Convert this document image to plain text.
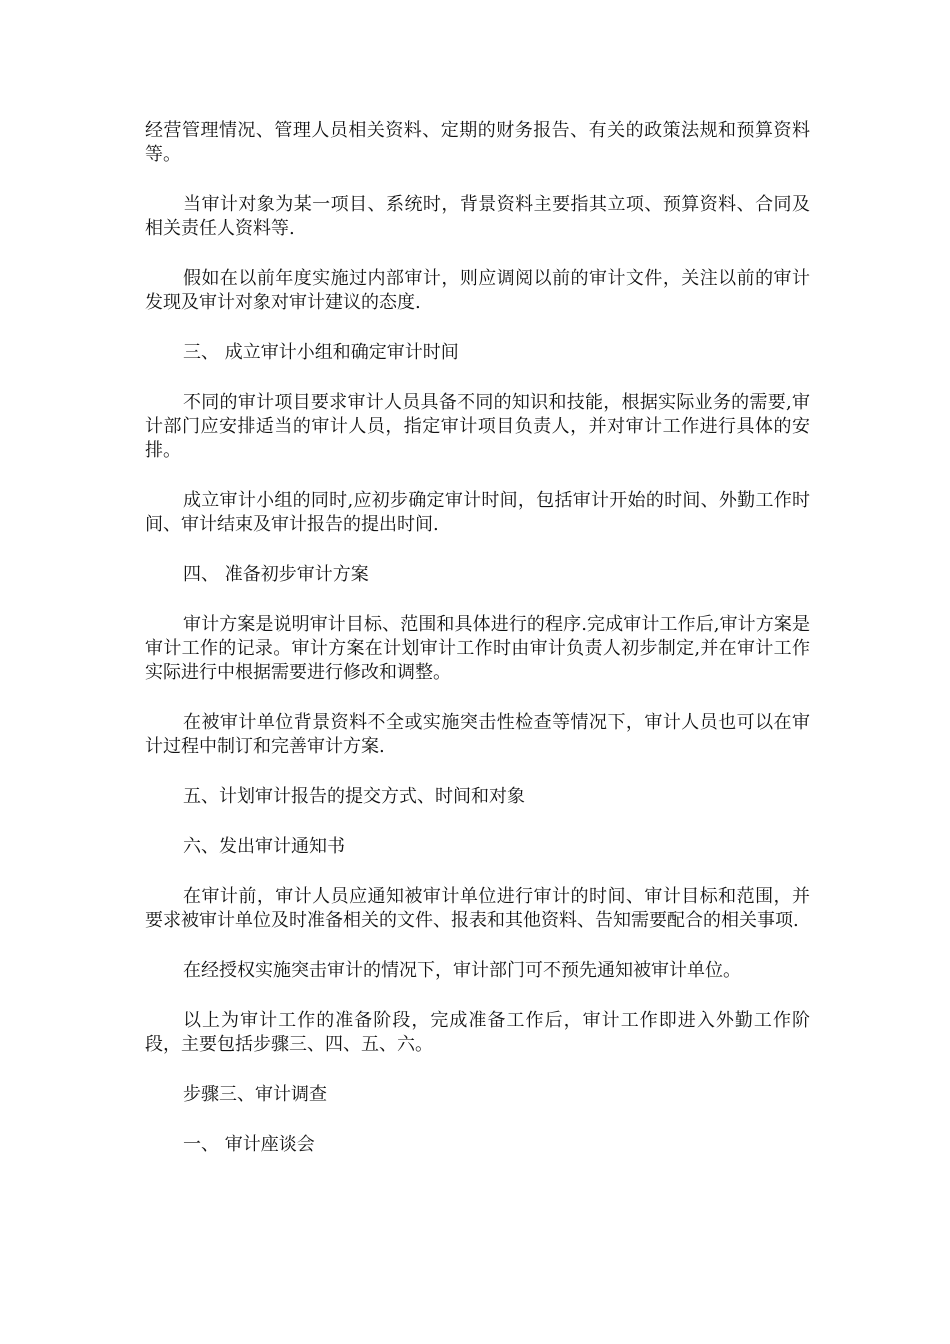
经营管理情况、管理人员相关资料、定期的财务报告、有关的政策法规和预算资料等。

当审计对象为某一项目、系统时，背景资料主要指其立项、预算资料、合同及相关责任人资料等.

假如在以前年度实施过内部审计，则应调阅以前的审计文件，关注以前的审计发现及审计对象对审计建议的态度.

三、 成立审计小组和确定审计时间

不同的审计项目要求审计人员具备不同的知识和技能，根据实际业务的需要,审计部门应安排适当的审计人员，指定审计项目负责人，并对审计工作进行具体的安排。

成立审计小组的同时,应初步确定审计时间，包括审计开始的时间、外勤工作时间、审计结束及审计报告的提出时间.

四、 准备初步审计方案

审计方案是说明审计目标、范围和具体进行的程序.完成审计工作后,审计方案是审计工作的记录。审计方案在计划审计工作时由审计负责人初步制定,并在审计工作实际进行中根据需要进行修改和调整。

在被审计单位背景资料不全或实施突击性检查等情况下，审计人员也可以在审计过程中制订和完善审计方案.

五、计划审计报告的提交方式、时间和对象

六、发出审计通知书

在审计前，审计人员应通知被审计单位进行审计的时间、审计目标和范围，并要求被审计单位及时准备相关的文件、报表和其他资料、告知需要配合的相关事项.

在经授权实施突击审计的情况下，审计部门可不预先通知被审计单位。

以上为审计工作的准备阶段，完成准备工作后，审计工作即进入外勤工作阶段，主要包括步骤三、四、五、六。

步骤三、审计调查

一、 审计座谈会
